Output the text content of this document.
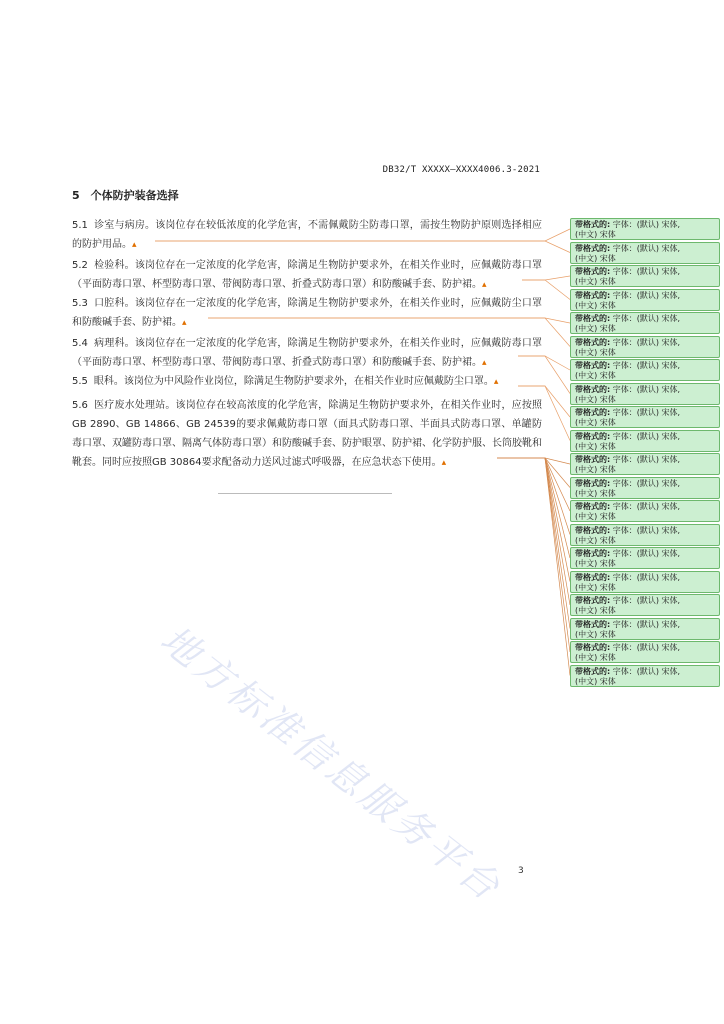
DB32/T XXXXX—XXXX4006.3-2021
5　个体防护装备选择
5.1 诊室与病房。该岗位存在较低浓度的化学危害，不需佩戴防尘防毒口罩，需按生物防护原则选择相应的防护用品。▴
5.2 检验科。该岗位存在一定浓度的化学危害，除满足生物防护要求外，在相关作业时，应佩戴防毒口罩（平面防毒口罩、杯型防毒口罩、带阀防毒口罩、折叠式防毒口罩）和防酸碱手套、防护裙。▴
5.3 口腔科。该岗位存在一定浓度的化学危害，除满足生物防护要求外，在相关作业时，应佩戴防尘口罩和防酸碱手套、防护裙。▴
5.4 病理科。该岗位存在一定浓度的化学危害，除满足生物防护要求外，在相关作业时，应佩戴防毒口罩（平面防毒口罩、杯型防毒口罩、带阀防毒口罩、折叠式防毒口罩）和防酸碱手套、防护裙。▴
5.5 眼科。该岗位为中风险作业岗位，除满足生物防护要求外，在相关作业时应佩戴防尘口罩。▴
5.6 医疗废水处理站。该岗位存在较高浓度的化学危害，除满足生物防护要求外，在相关作业时，应按照GB 2890、GB 14866、GB 24539的要求佩戴防毒口罩（面具式防毒口罩、半面具式防毒口罩、单罐防毒口罩、双罐防毒口罩、隔离气体防毒口罩）和防酸碱手套、防护眼罩、防护裙、化学防护服、长筒胶靴和靴套。同时应按照GB 30864要求配备动力送风过滤式呼吸器，在应急状态下使用。▴
地方标准信息服务平台 3
带格式的: 字体：(默认) 宋体,
(中文) 宋体
带格式的: 字体：(默认) 宋体,
(中文) 宋体
带格式的: 字体：(默认) 宋体,
(中文) 宋体
带格式的: 字体：(默认) 宋体,
(中文) 宋体
带格式的: 字体：(默认) 宋体,
(中文) 宋体
带格式的: 字体：(默认) 宋体,
(中文) 宋体
带格式的: 字体：(默认) 宋体,
(中文) 宋体
带格式的: 字体：(默认) 宋体,
(中文) 宋体
带格式的: 字体：(默认) 宋体,
(中文) 宋体
带格式的: 字体：(默认) 宋体,
(中文) 宋体
带格式的: 字体：(默认) 宋体,
(中文) 宋体
带格式的: 字体：(默认) 宋体,
(中文) 宋体
带格式的: 字体：(默认) 宋体,
(中文) 宋体
带格式的: 字体：(默认) 宋体,
(中文) 宋体
带格式的: 字体：(默认) 宋体,
(中文) 宋体
带格式的: 字体：(默认) 宋体,
(中文) 宋体
带格式的: 字体：(默认) 宋体,
(中文) 宋体
带格式的: 字体：(默认) 宋体,
(中文) 宋体
带格式的: 字体：(默认) 宋体,
(中文) 宋体
带格式的: 字体：(默认) 宋体,
(中文) 宋体
